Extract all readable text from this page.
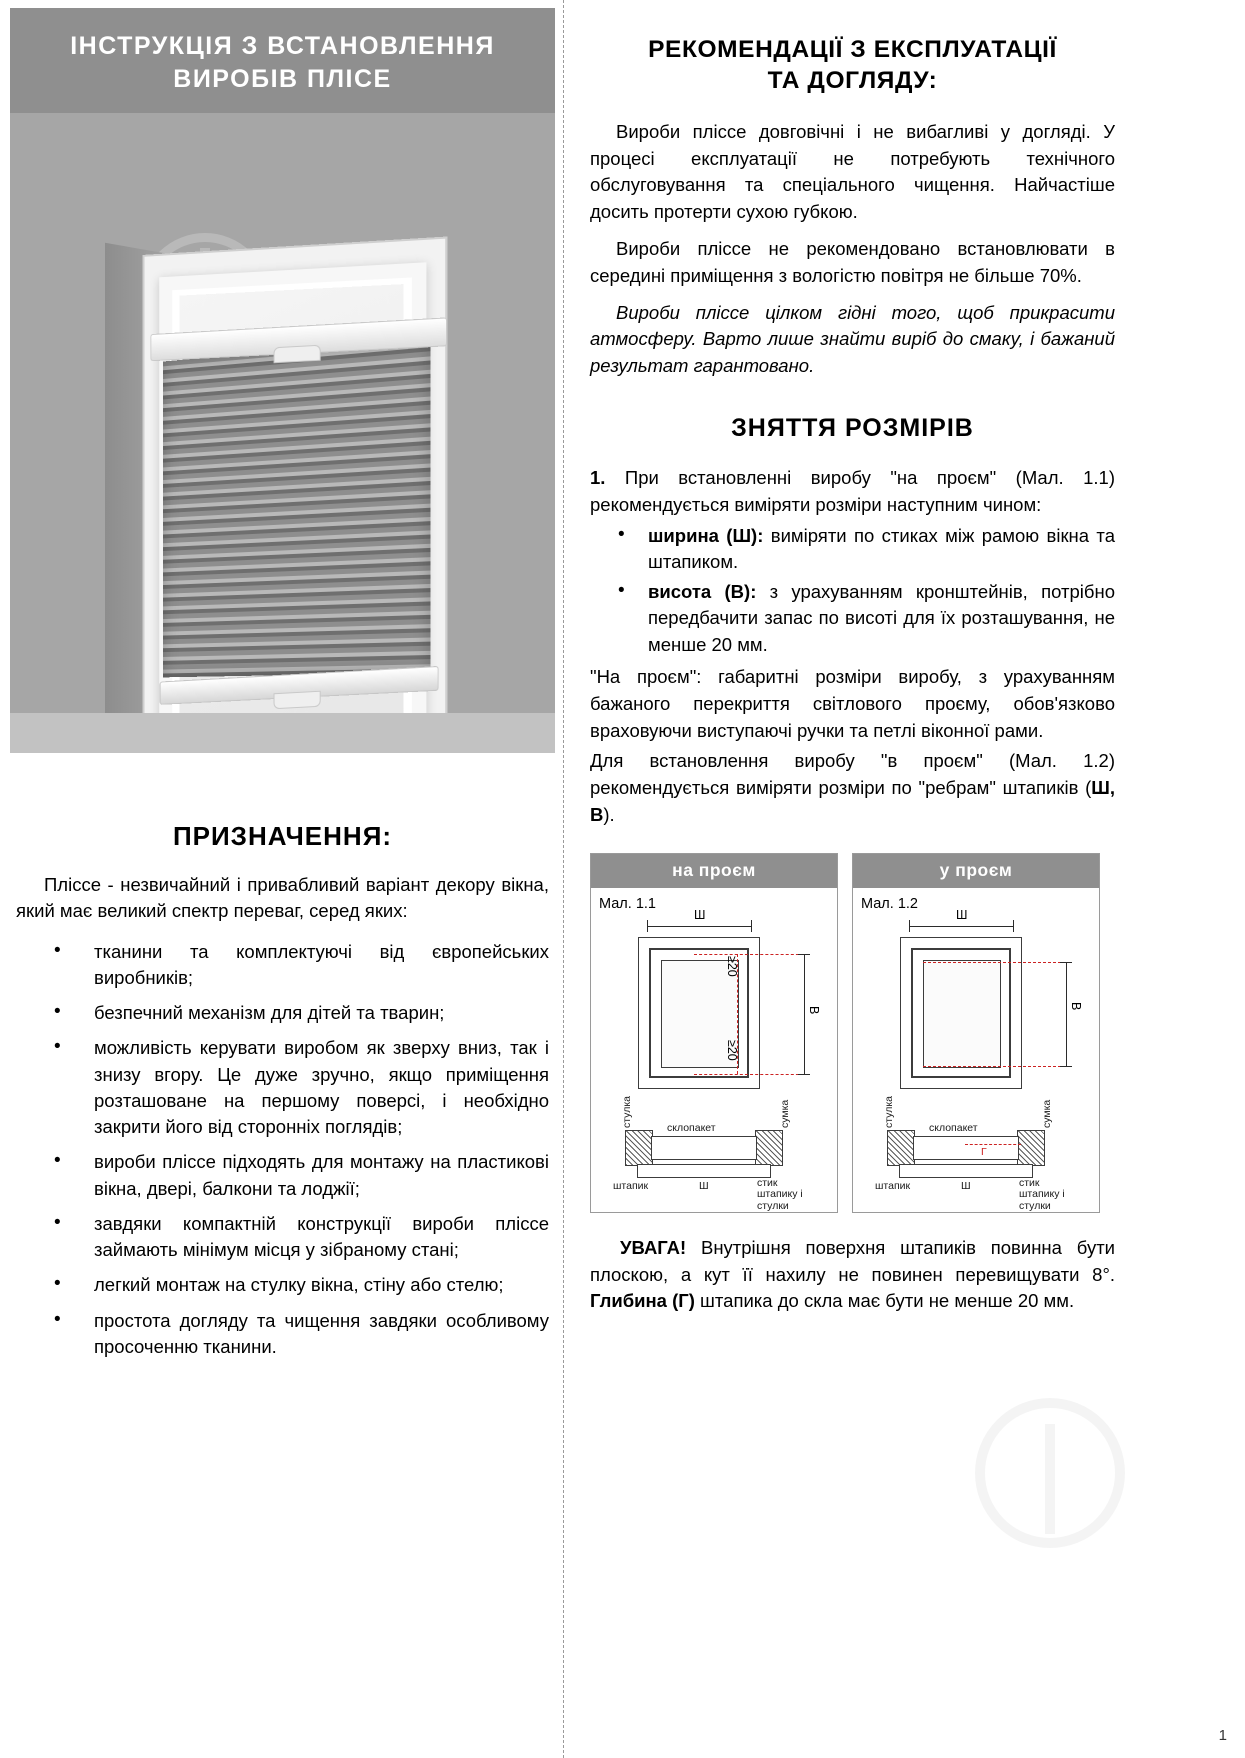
ІНСТРУКЦІЯ З ВСТАНОВЛЕННЯ
ВИРОБІВ ПЛІСЕ
ПРИЗНАЧЕННЯ:

Пліссе - незвичайний і привабливий варіант декору вікна, який має великий спектр переваг, серед яких:

• тканини та комплектуючі від європейських виробників;
• безпечний механізм для дітей та тварин;
• можливість керувати виробом як зверху вниз, так і знизу вгору. Це дуже зручно, якщо приміщення розташоване на першому поверсі, і необхідно закрити його від сторонніх поглядів;
• вироби пліссе підходять для монтажу на пластикові вікна, двері, балкони та лоджії;
• завдяки компактній конструкції вироби пліссе займають мінімум місця у зібраному стані;
• легкий монтаж на стулку вікна, стіну або стелю;
• простота догляду та чищення завдяки особливому просоченню тканини.
РЕКОМЕНДАЦІЇ З ЕКСПЛУАТАЦІЇ
ТА ДОГЛЯДУ:

Вироби пліссе довговічні і не вибагливі у догляді. У процесі експлуатації не потребують технічного обслуговування та спеціального чищення. Найчастіше досить протерти сухою губкою.

Вироби пліссе не рекомендовано встановлювати в середині приміщення з вологістю повітря не більше 70%.

Вироби пліссе цілком гідні того, щоб прикрасити атмосферу. Варто лише знайти виріб до смаку, і бажаний результат гарантовано.

ЗНЯТТЯ РОЗМІРІВ

1. При встановленні виробу "на проєм" (Мал. 1.1) рекомендується виміряти розміри наступним чином:

• ширина (Ш): виміряти по стиках між рамою вікна та штапиком.
• висота (В): з урахуванням кронштейнів, потрібно передбачити запас по висоті для їх розташування, не менше 20 мм.

"На проєм": габаритні розміри виробу, з урахуванням бажаного перекриття світлового проєму, обов'язково враховуючи виступаючі ручки та петлі віконної рами.

Для встановлення виробу "в проєм" (Мал. 1.2) рекомендується виміряти розміри по "ребрам" штапиків (Ш, В).

на проєм
Мал. 1.1
Ш
≥20
≥20
В
стулка	склопакет	сумка
штапик	Ш	стик штапику і стулки
у проєм
Мал. 1.2
Ш
В
Г
стулка	склопакет	сумка
штапик	Ш	стик штапику і стулки

УВАГА! Внутрішня поверхня штапиків повинна бути плоскою, а кут її нахилу не повинен перевищувати 8°. Глибина (Г) штапика до скла має бути не менше 20 мм.

1
